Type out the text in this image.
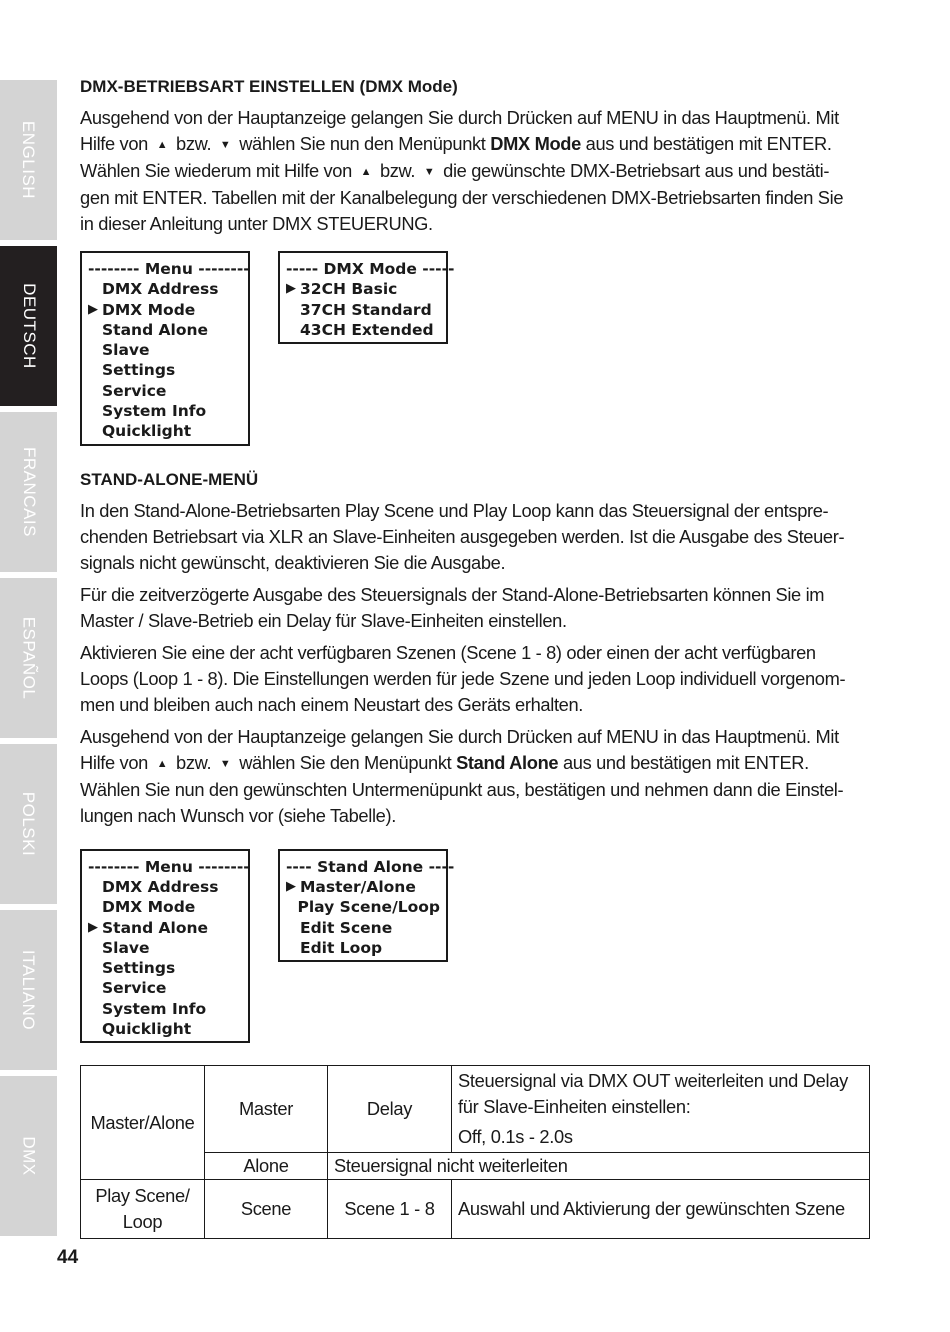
ENGLISH
DEUTSCH
FRANCAIS
ESPAÑOL
POLSKI
ITALIANO
DMX
44
DMX-BETRIEBSART EINSTELLEN (DMX Mode)

Ausgehend von der Hauptanzeige gelangen Sie durch Drücken auf MENU in das Hauptmenü. Mit
Hilfe von ▲ bzw. ▼ wählen Sie nun den Menüpunkt DMX Mode aus und bestätigen mit ENTER.
Wählen Sie wiederum mit Hilfe von ▲ bzw. ▼ die gewünschte DMX-Betriebsart aus und bestäti-
gen mit ENTER. Tabellen mit der Kanalbelegung der verschiedenen DMX-Betriebsarten finden Sie
in dieser Anleitung unter DMX STEUERUNG.

-------- Menu --------
DMX Address
▶ DMX Mode
Stand Alone
Slave
Settings
Service
System Info
Quicklight
----- DMX Mode -----
▶ 32CH Basic
37CH Standard
43CH Extended
STAND-ALONE-MENÜ

In den Stand-Alone-Betriebsarten Play Scene und Play Loop kann das Steuersignal der entspre-
chenden Betriebsart via XLR an Slave-Einheiten ausgegeben werden. Ist die Ausgabe des Steuer-
signals nicht gewünscht, deaktivieren Sie die Ausgabe.

Für die zeitverzögerte Ausgabe des Steuersignals der Stand-Alone-Betriebsarten können Sie im
Master / Slave-Betrieb ein Delay für Slave-Einheiten einstellen.

Aktivieren Sie eine der acht verfügbaren Szenen (Scene 1 - 8) oder einen der acht verfügbaren
Loops (Loop 1 - 8). Die Einstellungen werden für jede Szene und jeden Loop individuell vorgenom-
men und bleiben auch nach einem Neustart des Geräts erhalten.

Ausgehend von der Hauptanzeige gelangen Sie durch Drücken auf MENU in das Hauptmenü. Mit
Hilfe von ▲ bzw. ▼ wählen Sie den Menüpunkt Stand Alone aus und bestätigen mit ENTER.
Wählen Sie nun den gewünschten Untermenüpunkt aus, bestätigen und nehmen dann die Einstel-
lungen nach Wunsch vor (siehe Tabelle).

-------- Menu --------
DMX Address
DMX Mode
▶ Stand Alone
Slave
Settings
Service
System Info
Quicklight
---- Stand Alone ----
▶ Master/Alone
Play Scene/Loop
Edit Scene
Edit Loop
Master/Alone	Master	Delay	Steuersignal via DMX OUT weiterleiten und Delay
für Slave-Einheiten einstellen:
Off, 0.1s - 2.0s
	Alone	Steuersignal nicht weiterleiten	
Play Scene/
Loop	Scene	Scene 1 - 8	Auswahl und Aktivierung der gewünschten Szene
